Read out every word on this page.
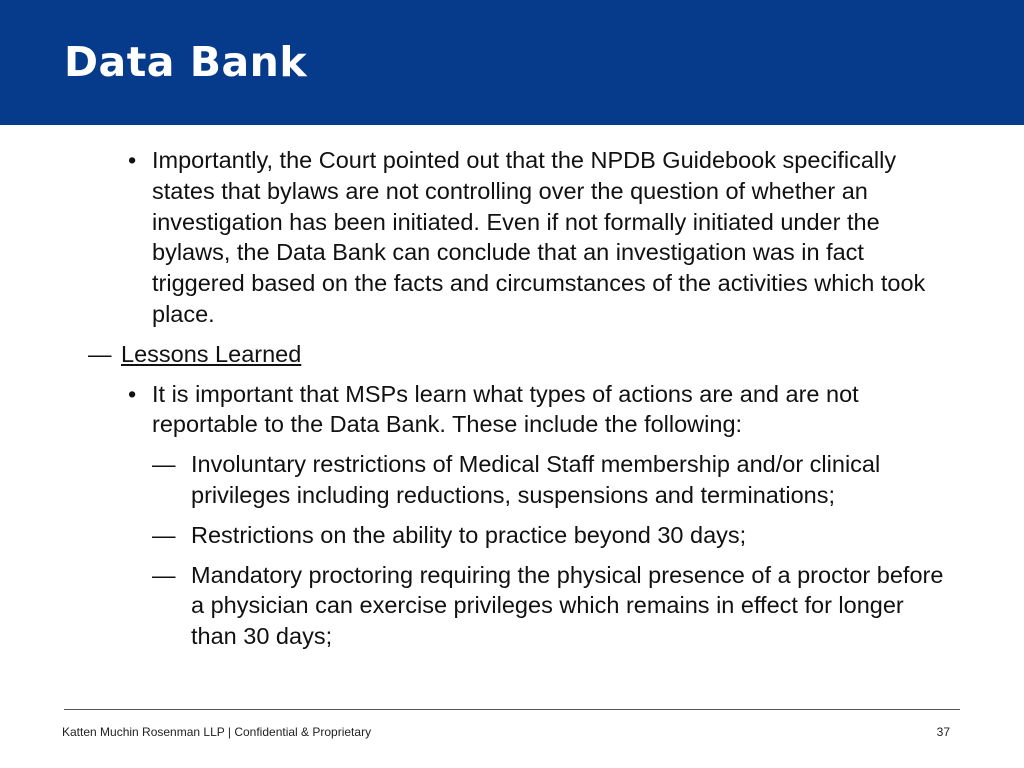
Data Bank
• Importantly, the Court pointed out that the NPDB Guidebook specifically states that bylaws are not controlling over the question of whether an investigation has been initiated. Even if not formally initiated under the bylaws, the Data Bank can conclude that an investigation was in fact triggered based on the facts and circumstances of the activities which took place.
— Lessons Learned
• It is important that MSPs learn what types of actions are and are not reportable to the Data Bank. These include the following:
— Involuntary restrictions of Medical Staff membership and/or clinical privileges including reductions, suspensions and terminations;
— Restrictions on the ability to practice beyond 30 days;
— Mandatory proctoring requiring the physical presence of a proctor before a physician can exercise privileges which remains in effect for longer than 30 days;
Katten Muchin Rosenman LLP | Confidential & Proprietary	37
